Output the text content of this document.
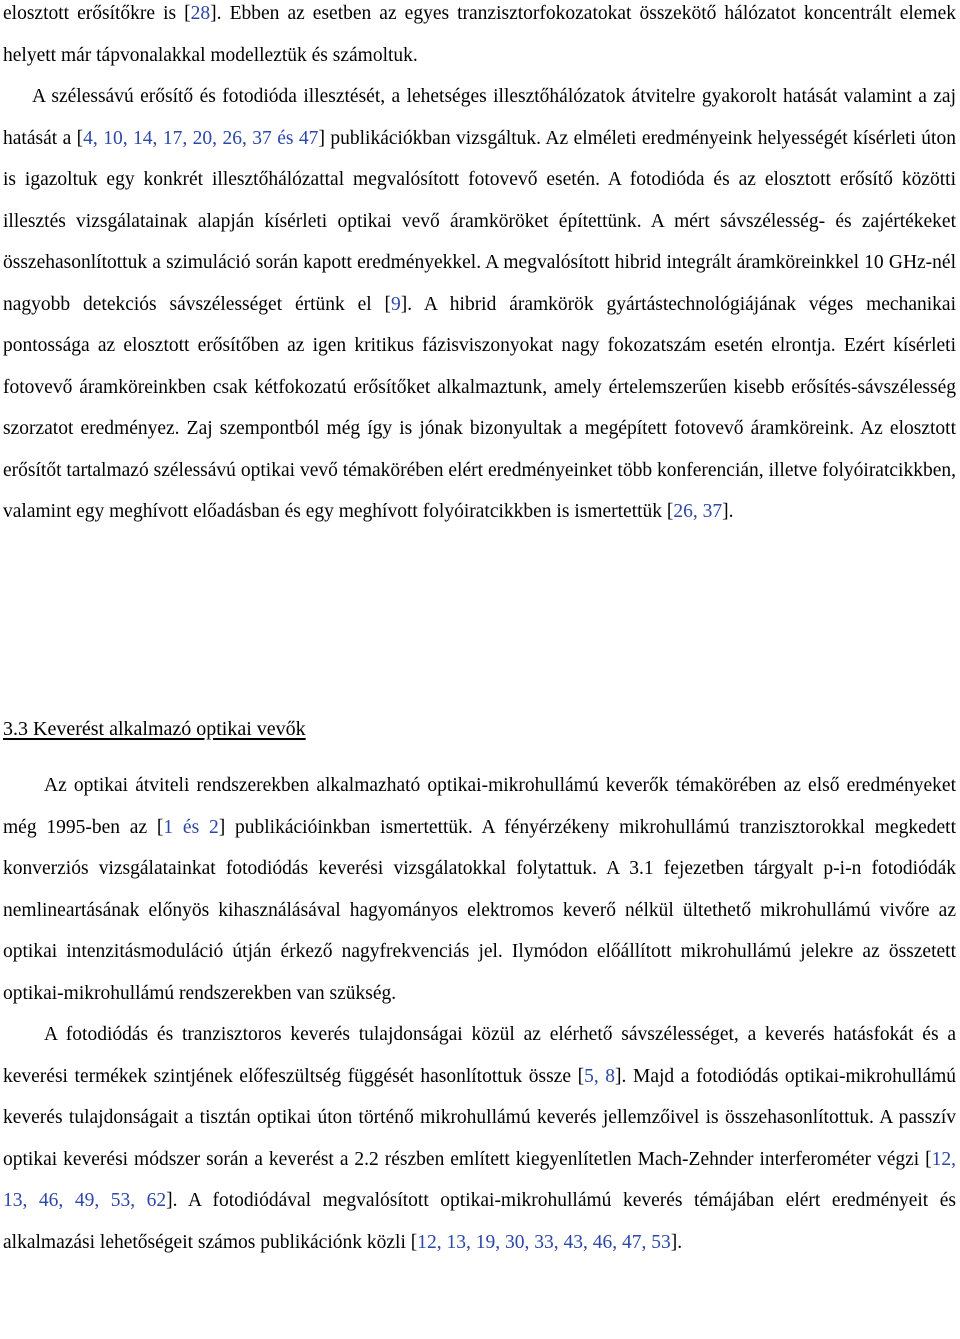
elosztott erősítőkre is [28]. Ebben az esetben az egyes tranzisztorfokozatokat összekötő hálózatot koncentrált elemek helyett már tápvonalakkal modelleztük és számoltuk.

A szélessávú erősítő és fotodióda illesztését, a lehetséges illesztőhálózatok átvitelre gyakorolt hatását valamint a zaj hatását a [4, 10, 14, 17, 20, 26, 37 és 47] publikációkban vizsgáltuk. Az elméleti eredményeink helyességét kísérleti úton is igazoltuk egy konkrét illesztőhálózattal megvalósított fotovevő esetén. A fotodióda és az elosztott erősítő közötti illesztés vizsgálatainak alapján kísérleti optikai vevő áramköröket építettünk. A mért sávszélesség- és zajértékeket összehasonlítottuk a szimuláció során kapott eredményekkel. A megvalósított hibrid integrált áramköreinkkel 10 GHz-nél nagyobb detekciós sávszélességet értünk el [9]. A hibrid áramkörök gyártástechnológiájának véges mechanikai pontossága az elosztott erősítőben az igen kritikus fázisviszonyokat nagy fokozatszám esetén elrontja. Ezért kísérleti fotovevő áramköreinkben csak kétfokozatú erősítőket alkalmaztunk, amely értelemszerűen kisebb erősítés-sávszélesség szorzatot eredményez. Zaj szempontból még így is jónak bizonyultak a megépített fotovevő áramköreink. Az elosztott erősítőt tartalmazó szélessávú optikai vevő témakörében elért eredményeinket több konferencián, illetve folyóiratcikkben, valamint egy meghívott előadásban és egy meghívott folyóiratcikkben is ismertettük [26, 37].

3.3 Keverést alkalmazó optikai vevők

Az optikai átviteli rendszerekben alkalmazható optikai-mikrohullámú keverők témakörében az első eredményeket még 1995-ben az [1 és 2] publikációinkban ismertettük. A fényérzékeny mikrohullámú tranzisztorokkal megkedett konverziós vizsgálatainkat fotodiódás keverési vizsgálatokkal folytattuk. A 3.1 fejezetben tárgyalt p-i-n fotodiódák nemlineartásának előnyös kihasználásával hagyományos elektromos keverő nélkül ültethető mikrohullámú vivőre az optikai intenzitásmoduláció útján érkező nagyfrekvenciás jel. Ilymódon előállított mikrohullámú jelekre az összetett optikai-mikrohullámú rendszerekben van szükség.

A fotodiódás és tranzisztoros keverés tulajdonságai közül az elérhető sávszélességet, a keverés hatásfokát és a keverési termékek szintjének előfeszültség függését hasonlítottuk össze [5, 8]. Majd a fotodiódás optikai-mikrohullámú keverés tulajdonságait a tisztán optikai úton történő mikrohullámú keverés jellemzőivel is összehasonlítottuk. A passzív optikai keverési módszer során a keverést a 2.2 részben említett kiegyenlítetlen Mach-Zehnder interferométer végzi [12, 13, 46, 49, 53, 62]. A fotodiódával megvalósított optikai-mikrohullámú keverés témájában elért eredményeit és alkalmazási lehetőségeit számos publikációnk közli [12, 13, 19, 30, 33, 43, 46, 47, 53].
